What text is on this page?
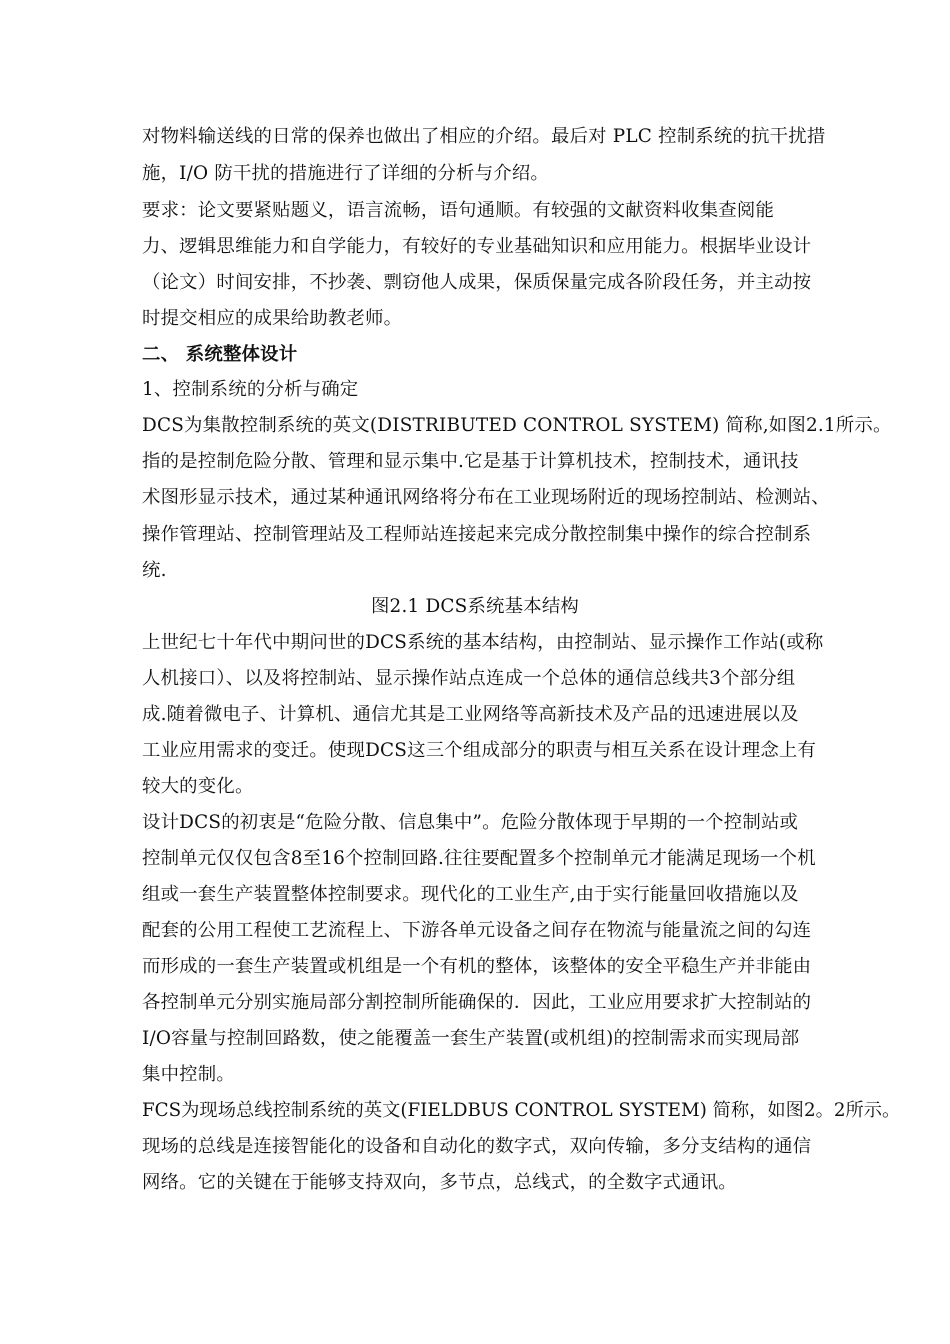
对物料输送线的日常的保养也做出了相应的介绍。最后对 PLC 控制系统的抗干扰措
施，I/O 防干扰的措施进行了详细的分析与介绍。
要求：论文要紧贴题义，语言流畅，语句通顺。有较强的文献资料收集查阅能
力、逻辑思维能力和自学能力，有较好的专业基础知识和应用能力。根据毕业设计
（论文）时间安排，不抄袭、剽窃他人成果，保质保量完成各阶段任务，并主动按
时提交相应的成果给助教老师。
二、 系统整体设计
1、控制系统的分析与确定
DCS为集散控制系统的英文(DISTRIBUTED CONTROL SYSTEM) 简称,如图2.1所示。
指的是控制危险分散、管理和显示集中.它是基于计算机技术，控制技术，通讯技
术图形显示技术，通过某种通讯网络将分布在工业现场附近的现场控制站、检测站、
操作管理站、控制管理站及工程师站连接起来完成分散控制集中操作的综合控制系
统.
图2.1 DCS系统基本结构
上世纪七十年代中期问世的DCS系统的基本结构，由控制站、显示操作工作站(或称
人机接口）、以及将控制站、显示操作站点连成一个总体的通信总线共3个部分组
成.随着微电子、计算机、通信尤其是工业网络等高新技术及产品的迅速进展以及
工业应用需求的变迁。使现DCS这三个组成部分的职责与相互关系在设计理念上有
较大的变化。
设计DCS的初衷是“危险分散、信息集中”。危险分散体现于早期的一个控制站或
控制单元仅仅包含8至16个控制回路.往往要配置多个控制单元才能满足现场一个机
组或一套生产装置整体控制要求。现代化的工业生产,由于实行能量回收措施以及
配套的公用工程使工艺流程上、下游各单元设备之间存在物流与能量流之间的勾连
而形成的一套生产装置或机组是一个有机的整体，该整体的安全平稳生产并非能由
各控制单元分别实施局部分割控制所能确保的．因此，工业应用要求扩大控制站的
I/O容量与控制回路数，使之能覆盖一套生产装置(或机组)的控制需求而实现局部
集中控制。
FCS为现场总线控制系统的英文(FIELDBUS CONTROL SYSTEM) 简称，如图2。2所示。
现场的总线是连接智能化的设备和自动化的数字式，双向传输，多分支结构的通信
网络。它的关键在于能够支持双向，多节点，总线式，的全数字式通讯。
